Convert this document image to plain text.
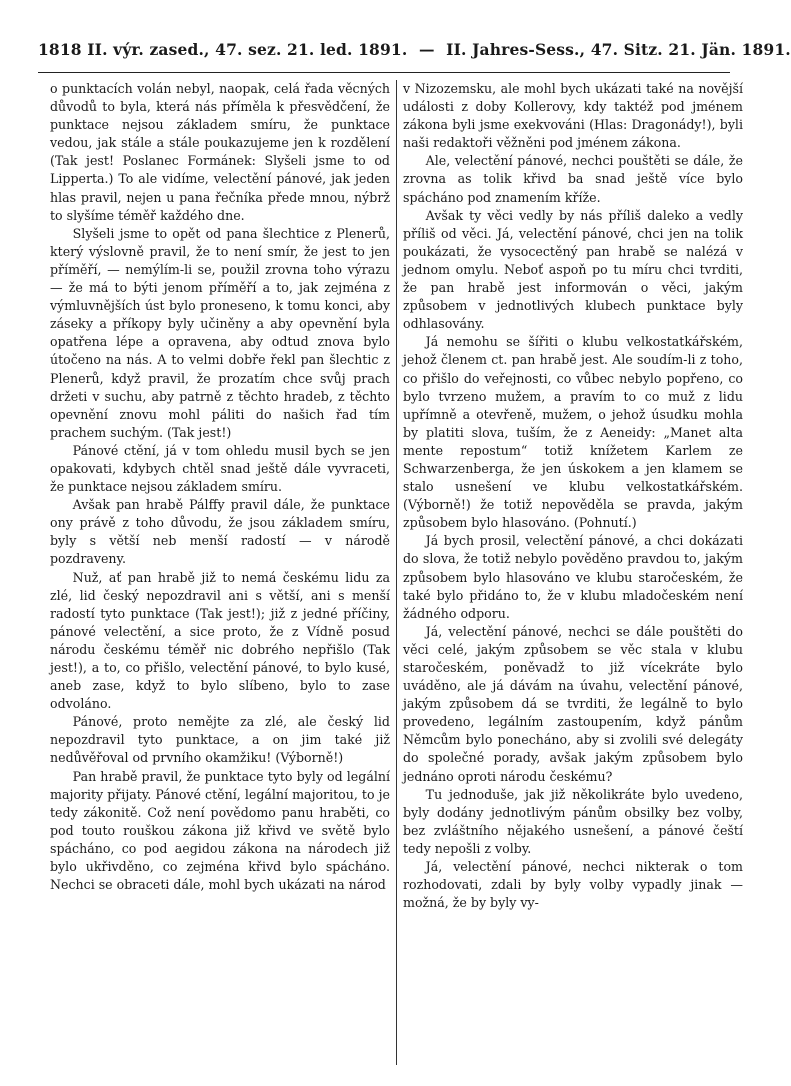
1818 II. výr. zased., 47. sez. 21. led. 1891. — II. Jahres-Sess., 47. Sitz. 21. Jän. 1891.

o punktacích volán nebyl, naopak, celá řada věcných důvodů to byla, která nás příměla k přesvědčení, že punktace nejsou základem smíru, že punktace vedou, jak stále a stále poukazujeme jen k rozdělení (Tak jest! Poslanec Formánek: Slyšeli jsme to od Lipperta.) To ale vidíme, velectění pánové, jak jeden hlas pravil, nejen u pana řečníka přede mnou, nýbrž to slyšíme téměř každého dne.

Slyšeli jsme to opět od pana šlechtice z Plenerů, který výslovně pravil, že to není smír, že jest to jen příměří, — nemýlím-li se, použil zrovna toho výrazu — že má to býti jenom příměří a to, jak zejména z výmluvnějších úst bylo proneseno, k tomu konci, aby zásekу a příkopy byly učiněny a aby opevnění byla opatřena lépe a opravena, aby odtud znova bylo útočeno na nás. A to velmi dobře řekl pan šlechtic z Plenerů, když pravil, že prozatím chce svůj prach držeti v suchu, aby patrně z těchto hradeb, z těchto opevnění znovu mohl páliti do našich řad tím prachem suchým. (Tak jest!)

Pánové ctění, já v tom ohledu musil bych se jen opakovati, kdybych chtěl snad ještě dále vyvraceti, že punktace nejsou základem smíru.

Avšak pan hrabě Pálffy pravil dále, že punktace ony právě z toho důvodu, že jsou základem smíru, byly s větší neb menší radostí — v národě pozdraveny.

Nuž, ať pan hrabě již to nemá českému lidu za zlé, lid český nepozdravil ani s větší, ani s menší radostí tyto punktace (Tak jest!); již z jedné příčiny, pánové velectění, a sice proto, že z Vídně posud národu českému téměř nic dobrého nepřišlo (Tak jest!), a to, co přišlo, velectění pánové, to bylo kusé, aneb zase, když to bylo slíbeno, bylo to zase odvoláno.

Pánové, proto nemějte za zlé, ale český lid nepozdravil tyto punktace, a on jim také již nedůvěřoval od prvního okamžiku! (Výborně!)

Pan hrabě pravil, že punktace tyto byly od legální majority přijaty. Pánové ctění, legální majoritou, to je tedy zákonitě. Což není povědomo panu hraběti, co pod touto rouškou zákona již křivd ve světě bylo spácháno, co pod aegidou zákona na národech již bylo ukřivděno, co zejména křivd bylo spácháno. Nechci se obraceti dále, mohl bych ukázati na národ

v Nizozemsku, ale mohl bych ukázati také na novější události z doby Kollerovy, kdy taktéž pod jménem zákona byli jsme exekvováni (Hlas: Dragonády!), byli naši redaktoři věžněni pod jménem zákona.

Ale, velectění pánové, nechci pouštěti se dále, že zrovna as tolik křivd ba snad ještě více bylo spácháno pod znamením kříže.

Avšak ty věci vedly by nás příliš daleko a vedly příliš od věci. Já, velectění pánové, chci jen na tolik poukázati, že vysocectěný pan hrabě se nalézá v jednom omylu. Neboť aspoň po tu míru chci tvrditi, že pan hrabě jest informován o věci, jakým způsobem v jednotlivých klubech punktace byly odhlasovány.

Já nemohu se šířiti o klubu velkostatkářském, jehož členem ct. pan hrabě jest. Ale soudím-li z toho, co přišlo do veřejnosti, co vůbec nebylo popřeno, co bylo tvrzeno mužem, a pravím to co muž z lidu upřímně a otevřeně, mužem, o jehož úsudku mohla by platiti slova, tuším, že z Aeneidy: „Manet alta mente repostum“ totiž knížetem Karlem ze Schwarzenberga, že jen úskokem a jen klamem se stalo usnešení ve klubu velkostatkářském. (Výborně!) že totiž nepověděla se pravda, jakým způsobem bylo hlasováno. (Pohnutí.)

Já bych prosil, velectění pánové, a chci dokázati do slova, že totiž nebylo pověděno pravdou to, jakým způsobem bylo hlasováno ve klubu staročeském, že také bylo přidáno to, že v klubu mladočeském není žádného odporu.

Já, velectění pánové, nechci se dále pouštěti do věci celé, jakým způsobem se věc stala v klubu staročeském, poněvadž to již vícekráte bylo uváděno, ale já dávám na úvahu, velectění pánové, jakým způsobem dá se tvrditi, že legálně to bylo provedeno, legálním zastoupením, když pánům Němcům bylo ponecháno, aby si zvolili své delegáty do společné porady, avšak jakým způsobem bylo jednáno oproti národu českému?

Tu jednoduše, jak již několikráte bylo uvedeno, byly dodány jednotlivým pánům obsilky bez volby, bez zvláštního nějakého usnešení, a pánové čeští tedy nepošli z volby.

Já, velectění pánové, nechci nikterak o tom rozhodovati, zdali by byly volby vypadly jinak — možná, že by byly vy-
